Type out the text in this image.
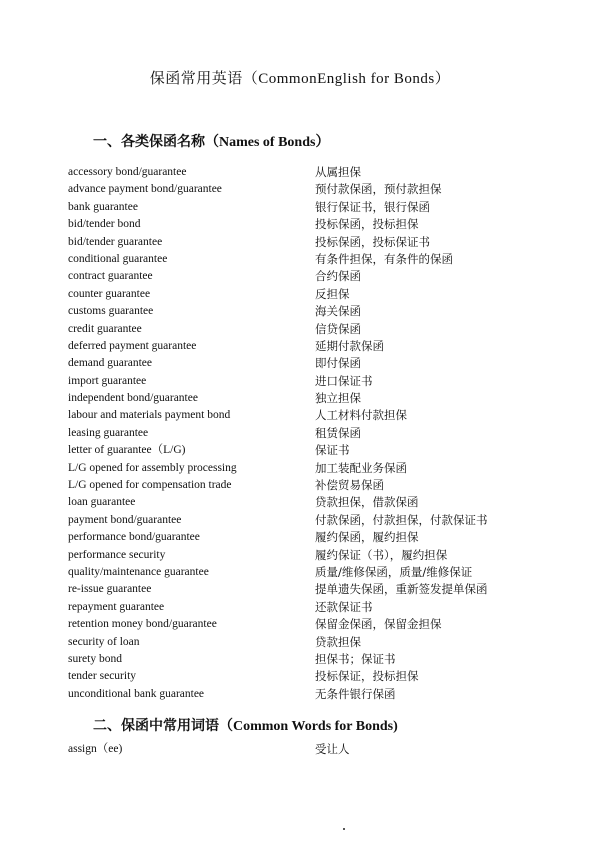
保函常用英语（CommonEnglish for Bonds）
一、各类保函名称（Names of Bonds）
accessory bond/guarantee	从属担保
advance payment bond/guarantee	预付款保函，预付款担保
bank guarantee	银行保证书，银行保函
bid/tender bond	投标保函，投标担保
bid/tender guarantee	投标保函，投标保证书
conditional guarantee	有条件担保，有条件的保函
contract guarantee	合约保函
counter guarantee	反担保
customs guarantee	海关保函
credit guarantee	信贷保函
deferred payment guarantee	延期付款保函
demand guarantee	即付保函
import guarantee	进口保证书
independent bond/guarantee	独立担保
labour and materials payment bond	人工材料付款担保
leasing guarantee	租赁保函
letter of guarantee（L/G)	保证书
L/G opened for assembly processing	加工装配业务保函
L/G opened for compensation trade	补偿贸易保函
loan guarantee	贷款担保，借款保函
payment bond/guarantee	付款保函，付款担保，付款保证书
performance bond/guarantee	履约保函，履约担保
performance security	履约保证（书），履约担保
quality/maintenance guarantee	质量/维修保函，质量/维修保证
re-issue guarantee	提单遗失保函，重新签发提单保函
repayment guarantee	还款保证书
retention money bond/guarantee	保留金保函，保留金担保
security of loan	贷款担保
surety bond	担保书；保证书
tender security	投标保证，投标担保
unconditional bank guarantee	无条件银行保函
二、保函中常用词语（Common Words for Bonds)
assign（ee)	受让人
